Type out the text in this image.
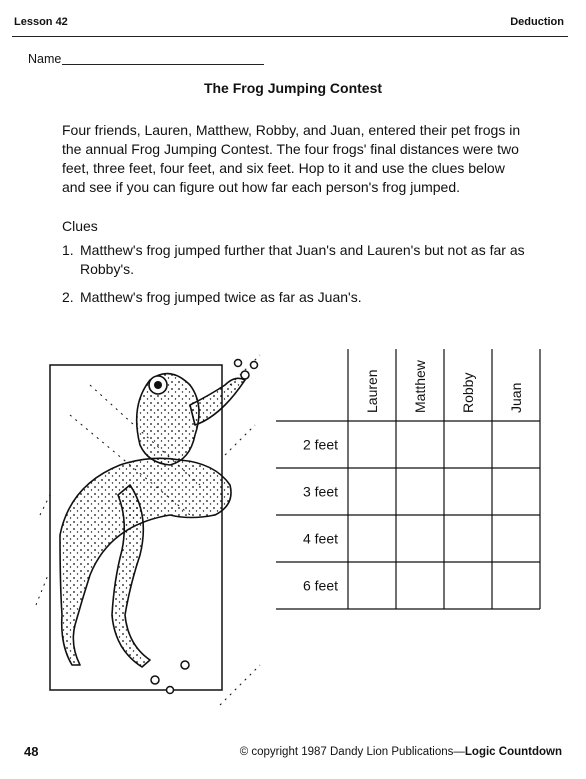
Lesson 42	Deduction
Name
The Frog Jumping Contest
Four friends, Lauren, Matthew, Robby, and Juan, entered their pet frogs in the annual Frog Jumping Contest. The four frogs' final distances were two feet, three feet, four feet, and six feet. Hop to it and use the clues below and see if you can figure out how far each person's frog jumped.
Clues
1. Matthew's frog jumped further that Juan's and Lauren's but not as far as Robby's.
2. Matthew's frog jumped twice as far as Juan's.
Lauren Matthew Robby Juan
2 feet
3 feet
4 feet
6 feet
48	© copyright 1987 Dandy Lion Publications—Logic Countdown
